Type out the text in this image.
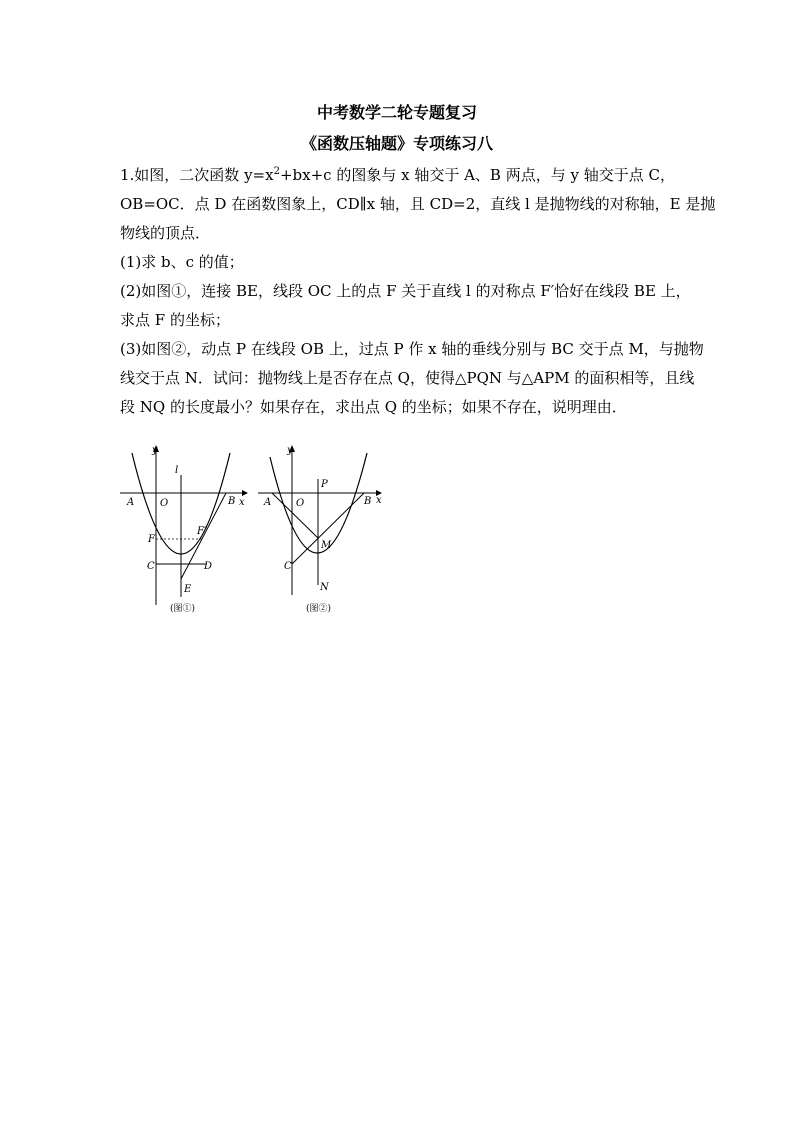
中考数学二轮专题复习
《函数压轴题》专项练习八
1.如图，二次函数 $y=x^2+bx+c$ 的图象与 x 轴交于 A、B 两点，与 y 轴交于点 C，
OB=OC．点 D 在函数图象上，CD∥x 轴，且 CD=2，直线 l 是抛物线的对称轴，E 是抛
物线的顶点．
(1)求 b、c 的值；
(2)如图①，连接 BE，线段 OC 上的点 F 关于直线 l 的对称点 F′恰好在线段 BE 上，
求点 F 的坐标；
(3)如图②，动点 P 在线段 OB 上，过点 P 作 x 轴的垂线分别与 BC 交于点 M，与抛物
线交于点 N．试问：抛物线上是否存在点 Q，使得△PQN 与△APM 的面积相等，且线
段 NQ 的长度最小？如果存在，求出点 Q 的坐标；如果不存在，说明理由．
y
x
l
A	O	B
F
F′
C	D
E
(图①)
y
x
P
A O	B
M
C
N
(图②)
